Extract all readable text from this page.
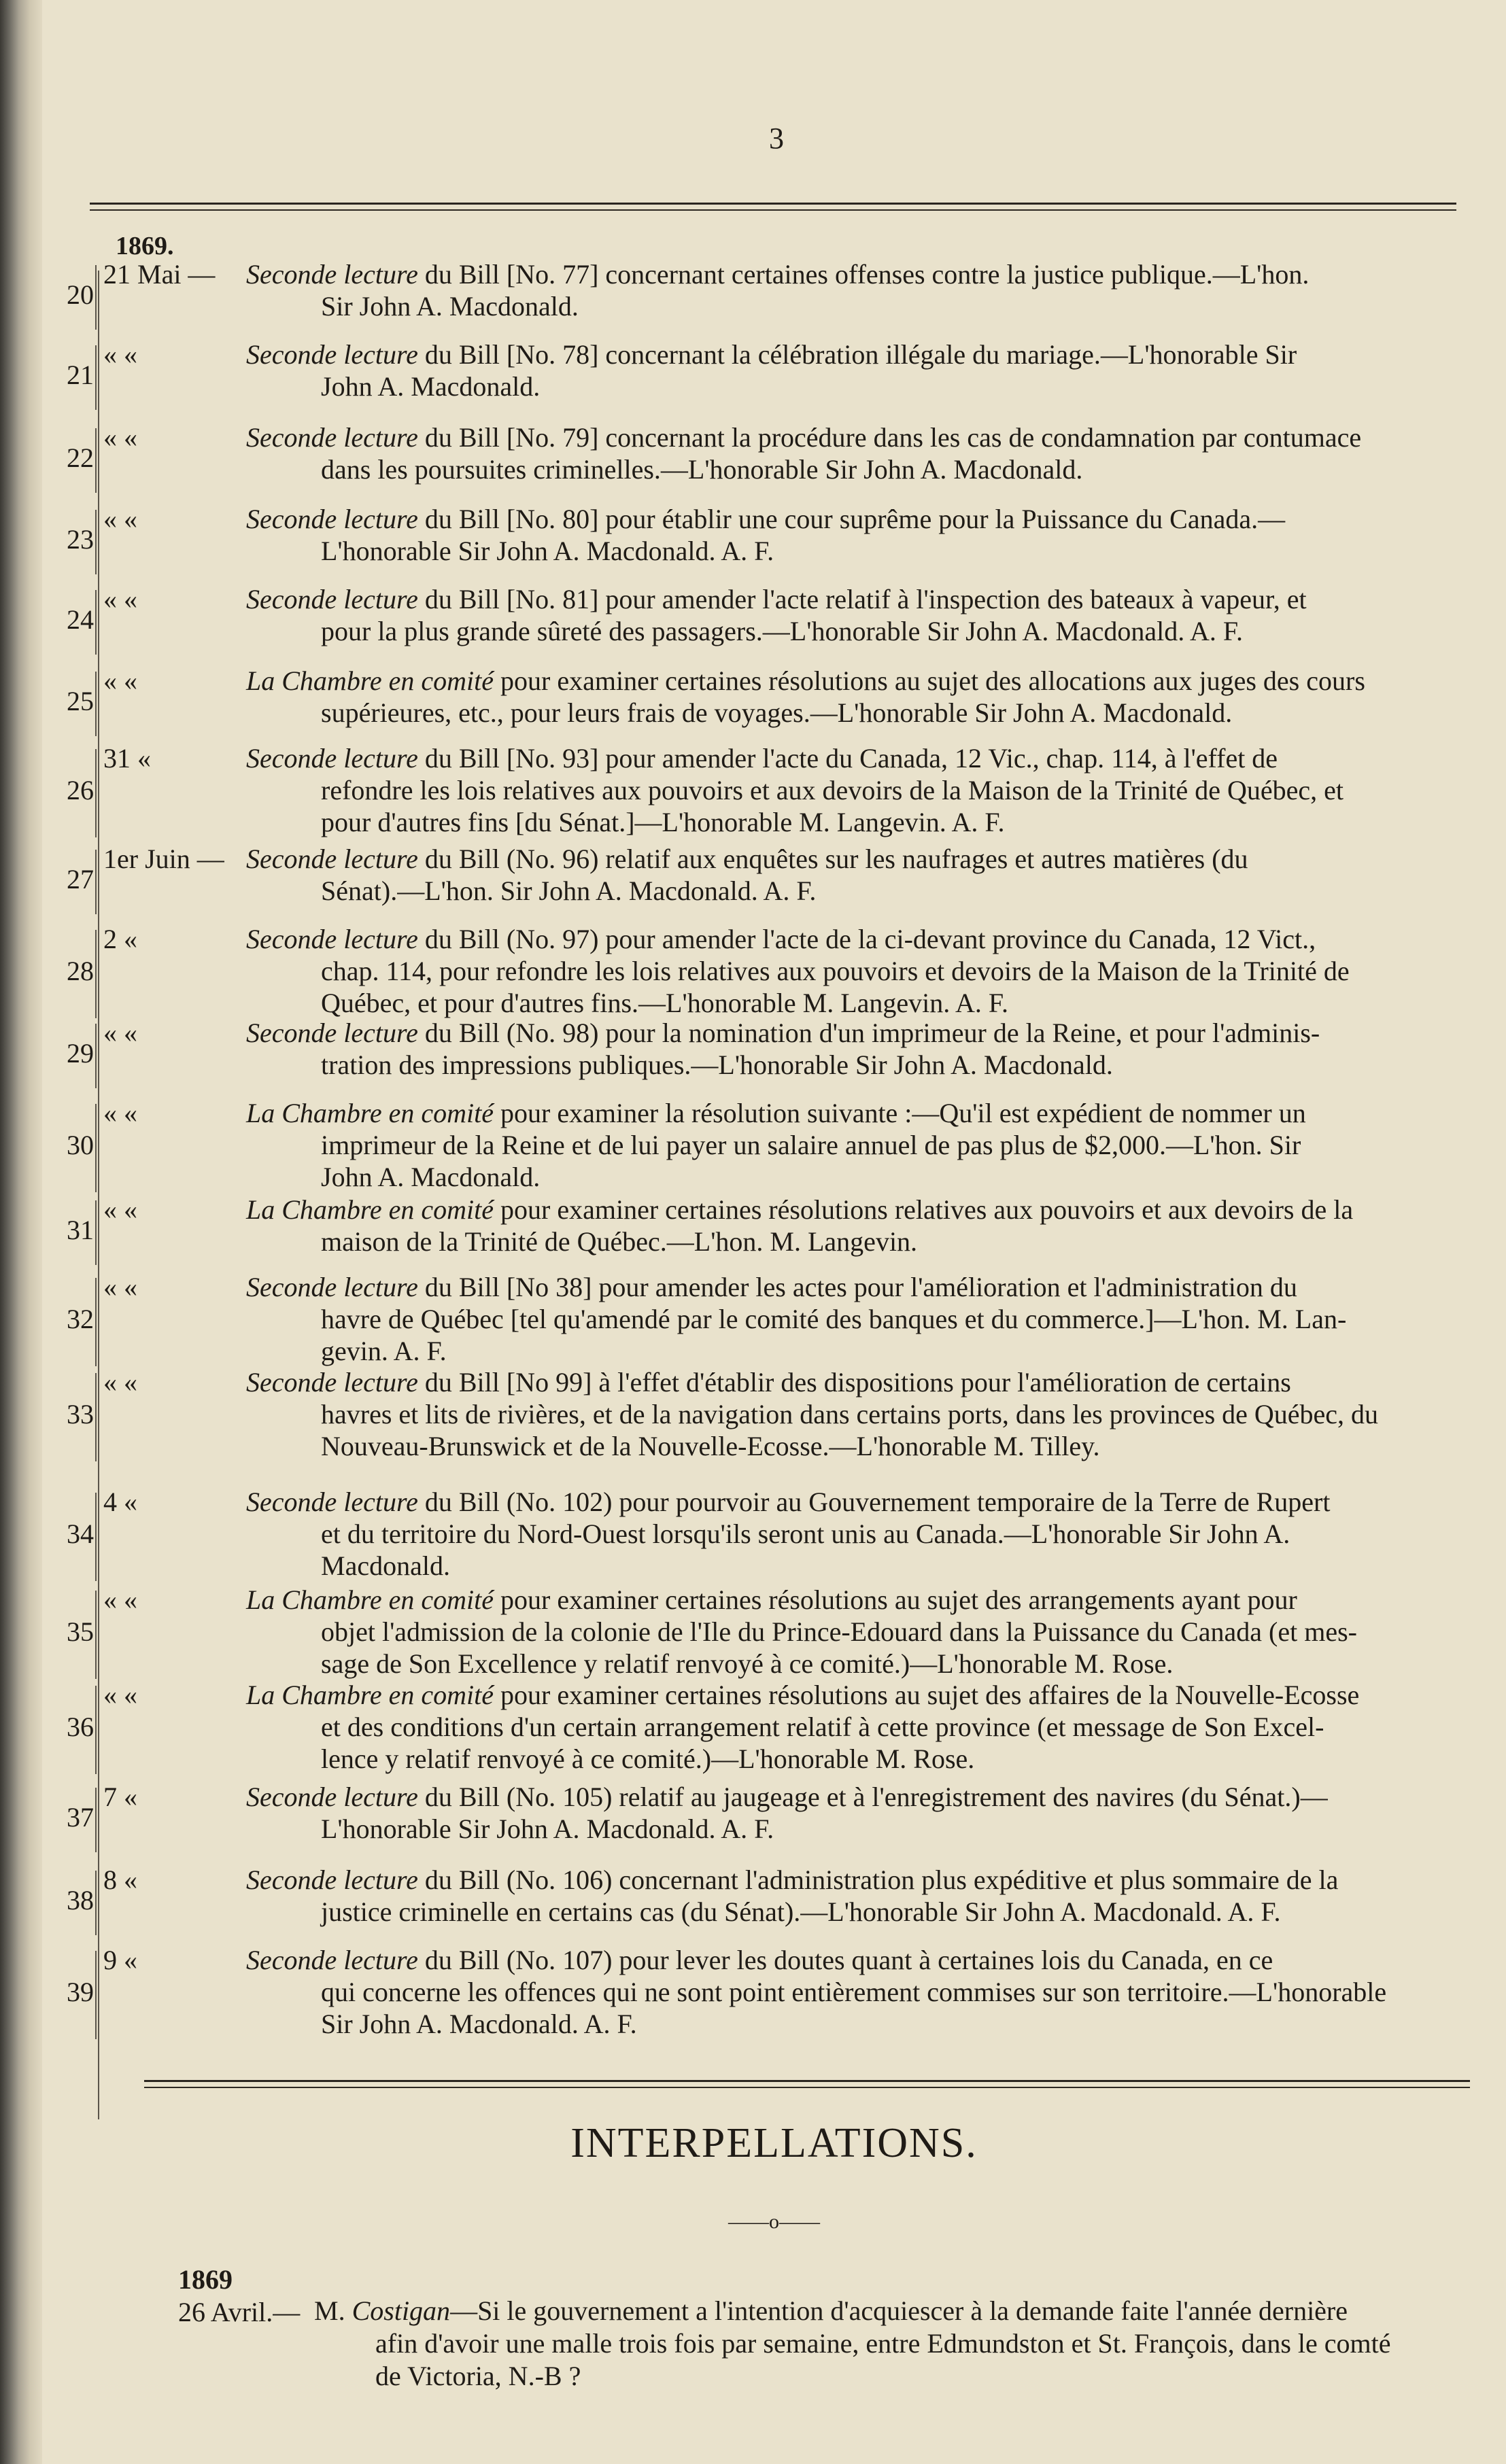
3
1869.
20
21 Mai —	Seconde lecture du Bill [No. 77] concernant certaines offenses contre la justice publique.—L'hon.
Sir John A. Macdonald.
21
« «	Seconde lecture du Bill [No. 78] concernant la célébration illégale du mariage.—L'honorable Sir
John A. Macdonald.
22
« «	Seconde lecture du Bill [No. 79] concernant la procédure dans les cas de condamnation par contumace
dans les poursuites criminelles.—L'honorable Sir John A. Macdonald.
23
« «	Seconde lecture du Bill [No. 80] pour établir une cour suprême pour la Puissance du Canada.—
L'honorable Sir John A. Macdonald. A. F.
24
« «	Seconde lecture du Bill [No. 81] pour amender l'acte relatif à l'inspection des bateaux à vapeur, et
pour la plus grande sûreté des passagers.—L'honorable Sir John A. Macdonald. A. F.
25
« «	La Chambre en comité pour examiner certaines résolutions au sujet des allocations aux juges des cours
supérieures, etc., pour leurs frais de voyages.—L'honorable Sir John A. Macdonald.
26
31 «	Seconde lecture du Bill [No. 93] pour amender l'acte du Canada, 12 Vic., chap. 114, à l'effet de
refondre les lois relatives aux pouvoirs et aux devoirs de la Maison de la Trinité de Québec, et
pour d'autres fins [du Sénat.]—L'honorable M. Langevin. A. F.
27
1er Juin — Seconde lecture du Bill (No. 96) relatif aux enquêtes sur les naufrages et autres matières (du
Sénat).—L'hon. Sir John A. Macdonald. A. F.
28
2 «	Seconde lecture du Bill (No. 97) pour amender l'acte de la ci-devant province du Canada, 12 Vict.,
chap. 114, pour refondre les lois relatives aux pouvoirs et devoirs de la Maison de la Trinité de
Québec, et pour d'autres fins.—L'honorable M. Langevin. A. F.
29
« «	Seconde lecture du Bill (No. 98) pour la nomination d'un imprimeur de la Reine, et pour l'adminis-
tration des impressions publiques.—L'honorable Sir John A. Macdonald.
30
« «	La Chambre en comité pour examiner la résolution suivante :—Qu'il est expédient de nommer un
imprimeur de la Reine et de lui payer un salaire annuel de pas plus de $2,000.—L'hon. Sir
John A. Macdonald.
31
« «	La Chambre en comité pour examiner certaines résolutions relatives aux pouvoirs et aux devoirs de la
maison de la Trinité de Québec.—L'hon. M. Langevin.
32
« «	Seconde lecture du Bill [No 38] pour amender les actes pour l'amélioration et l'administration du
havre de Québec [tel qu'amendé par le comité des banques et du commerce.]—L'hon. M. Lan-
gevin. A. F.
33
« «	Seconde lecture du Bill [No 99] à l'effet d'établir des dispositions pour l'amélioration de certains
havres et lits de rivières, et de la navigation dans certains ports, dans les provinces de Québec, du
Nouveau-Brunswick et de la Nouvelle-Ecosse.—L'honorable M. Tilley.
34
4 «	Seconde lecture du Bill (No. 102) pour pourvoir au Gouvernement temporaire de la Terre de Rupert
et du territoire du Nord-Ouest lorsqu'ils seront unis au Canada.—L'honorable Sir John A.
Macdonald.
35
« «	La Chambre en comité pour examiner certaines résolutions au sujet des arrangements ayant pour
objet l'admission de la colonie de l'Ile du Prince-Edouard dans la Puissance du Canada (et mes-
sage de Son Excellence y relatif renvoyé à ce comité.)—L'honorable M. Rose.
36
« «	La Chambre en comité pour examiner certaines résolutions au sujet des affaires de la Nouvelle-Ecosse
et des conditions d'un certain arrangement relatif à cette province (et message de Son Excel-
lence y relatif renvoyé à ce comité.)—L'honorable M. Rose.
37
7 «	Seconde lecture du Bill (No. 105) relatif au jaugeage et à l'enregistrement des navires (du Sénat.)—
L'honorable Sir John A. Macdonald. A. F.
38
8 «	Seconde lecture du Bill (No. 106) concernant l'administration plus expéditive et plus sommaire de la
justice criminelle en certains cas (du Sénat).—L'honorable Sir John A. Macdonald. A. F.
39
9 «	Seconde lecture du Bill (No. 107) pour lever les doutes quant à certaines lois du Canada, en ce
qui concerne les offences qui ne sont point entièrement commises sur son territoire.—L'honorable
Sir John A. Macdonald. A. F.
INTERPELLATIONS.
——o——
1869
26 Avril.— M. Costigan—Si le gouvernement a l'intention d'acquiescer à la demande faite l'année dernière
afin d'avoir une malle trois fois par semaine, entre Edmundston et St. François, dans le comté
de Victoria, N.-B ?
